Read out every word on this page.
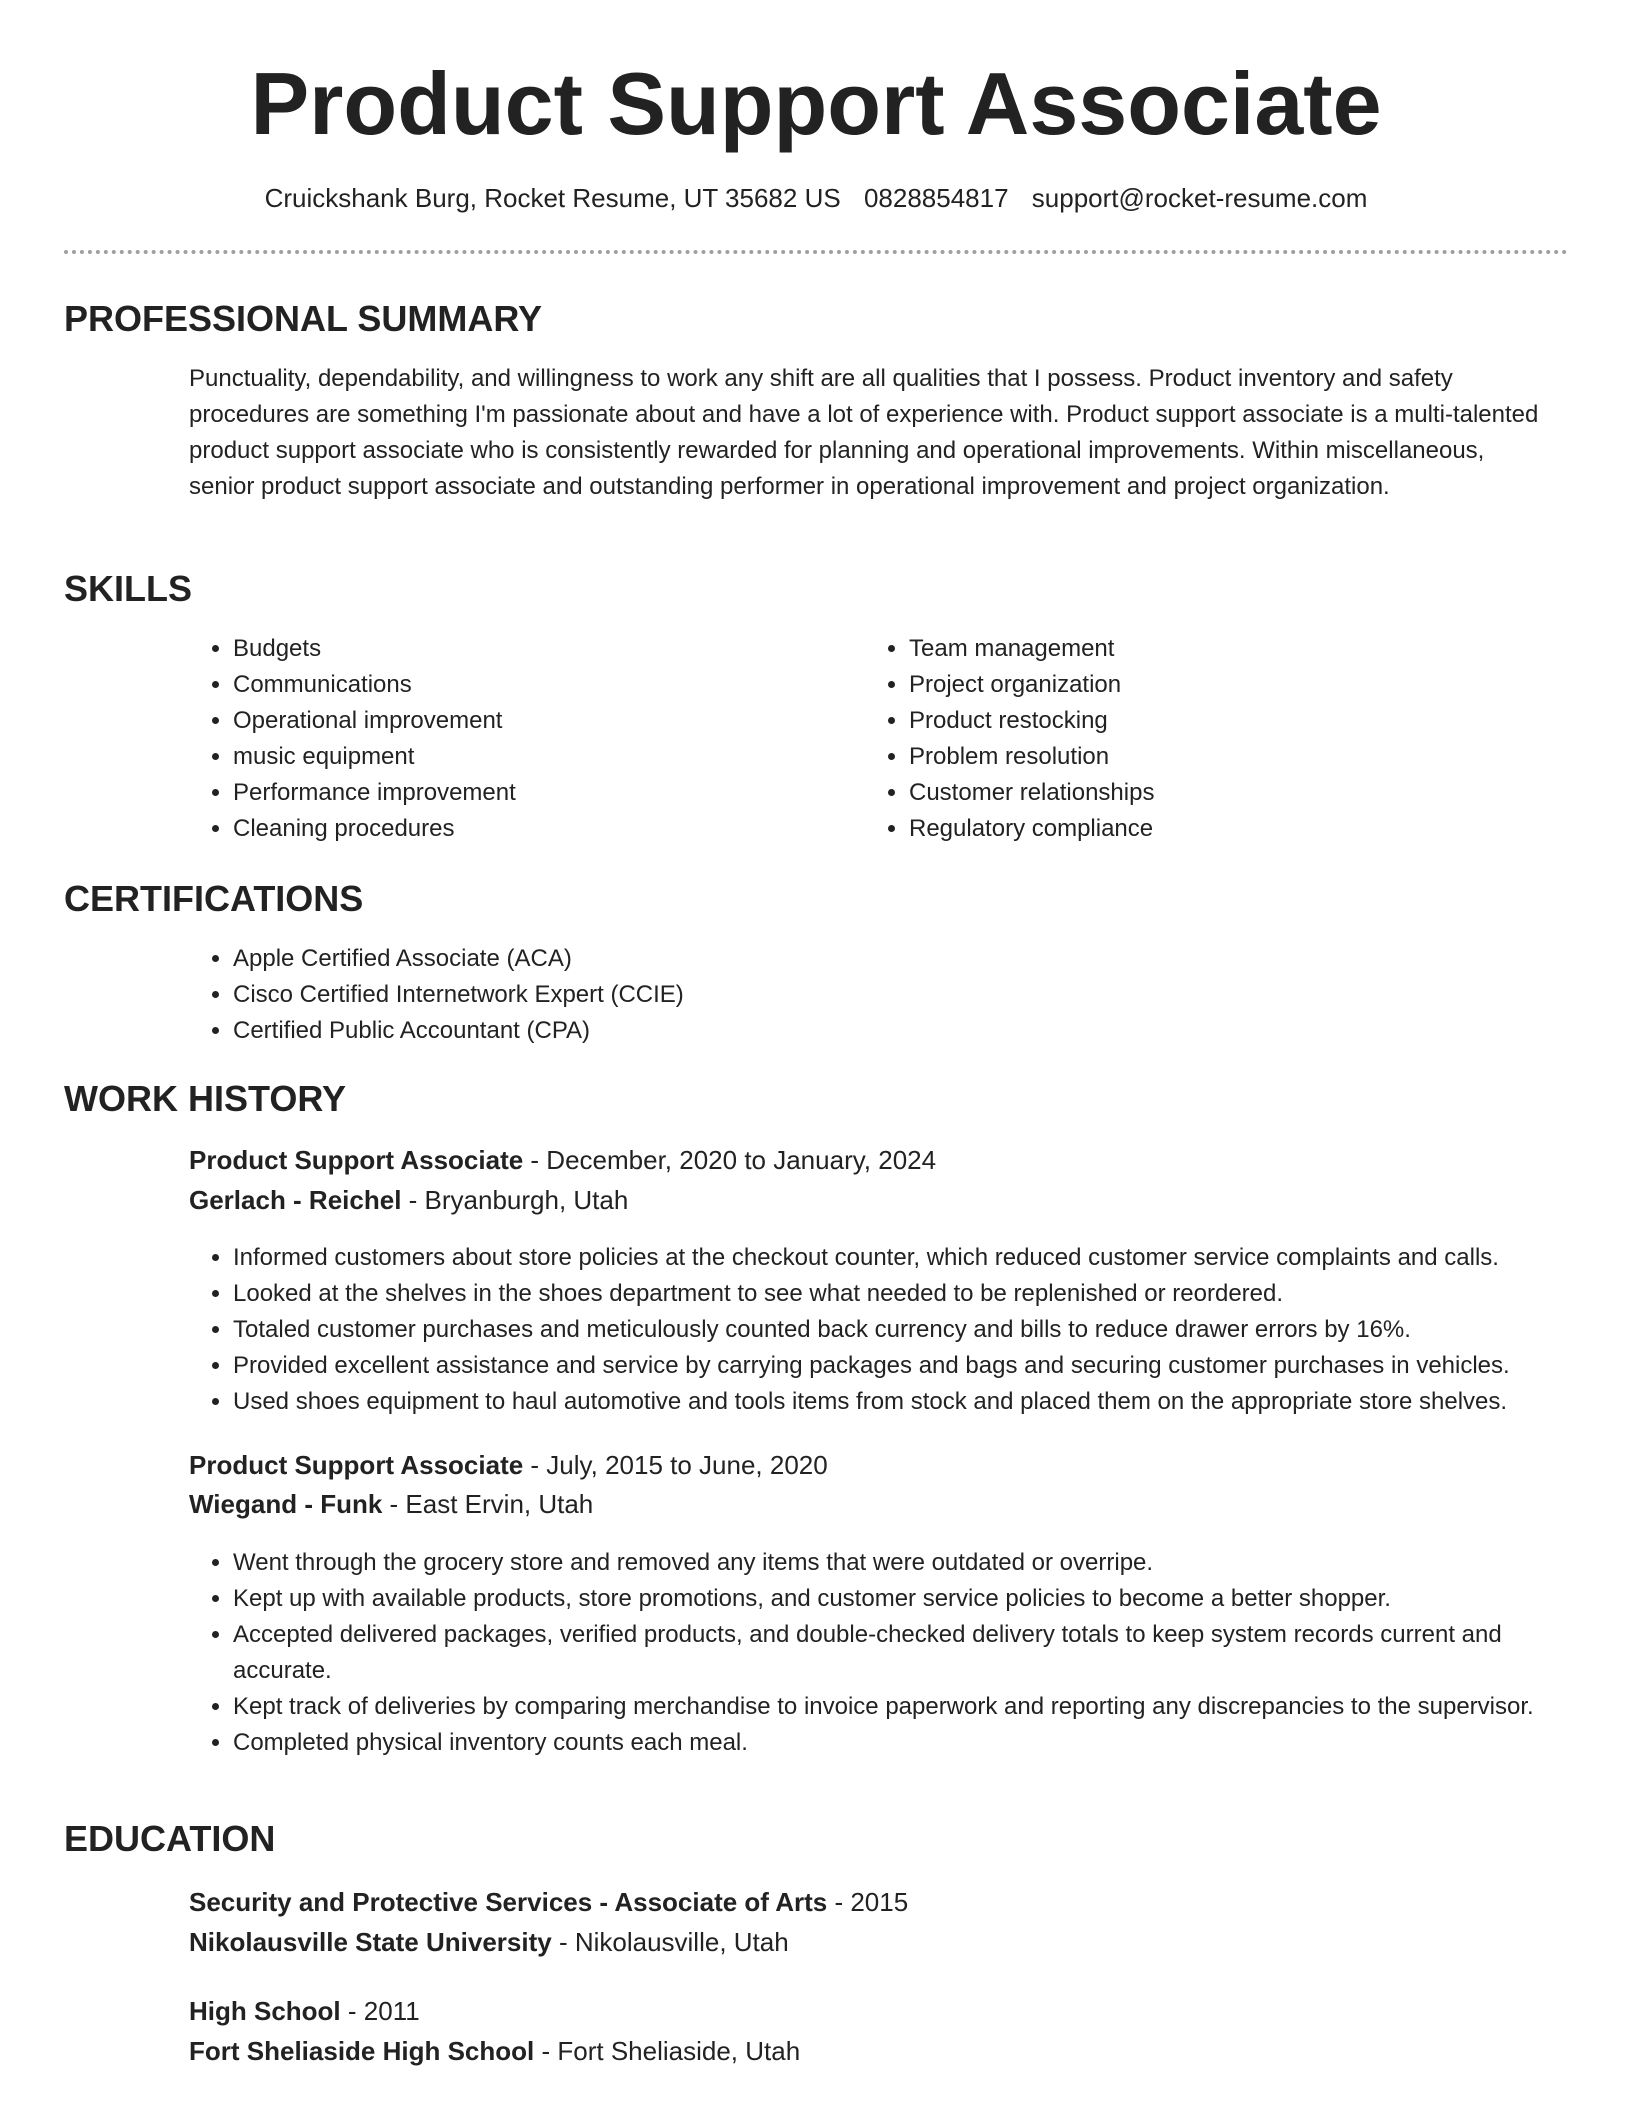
Product Support Associate
Cruickshank Burg, Rocket Resume, UT 35682 US 0828854817 support@rocket-resume.com
PROFESSIONAL SUMMARY

Punctuality, dependability, and willingness to work any shift are all qualities that I possess. Product inventory and safety procedures are something I'm passionate about and have a lot of experience with. Product support associate is a multi-talented product support associate who is consistently rewarded for planning and operational improvements. Within miscellaneous, senior product support associate and outstanding performer in operational improvement and project organization.

SKILLS
• Budgets
• Communications
• Operational improvement
• music equipment
• Performance improvement
• Cleaning procedures
• Team management
• Project organization
• Product restocking
• Problem resolution
• Customer relationships
• Regulatory compliance
CERTIFICATIONS
• Apple Certified Associate (ACA)
• Cisco Certified Internetwork Expert (CCIE)
• Certified Public Accountant (CPA)
WORK HISTORY
Product Support Associate - December, 2020 to January, 2024
Gerlach - Reichel - Bryanburgh, Utah
• Informed customers about store policies at the checkout counter, which reduced customer service complaints and calls.
• Looked at the shelves in the shoes department to see what needed to be replenished or reordered.
• Totaled customer purchases and meticulously counted back currency and bills to reduce drawer errors by 16%.
• Provided excellent assistance and service by carrying packages and bags and securing customer purchases in vehicles.
• Used shoes equipment to haul automotive and tools items from stock and placed them on the appropriate store shelves.
Product Support Associate - July, 2015 to June, 2020
Wiegand - Funk - East Ervin, Utah
• Went through the grocery store and removed any items that were outdated or overripe.
• Kept up with available products, store promotions, and customer service policies to become a better shopper.
• Accepted delivered packages, verified products, and double-checked delivery totals to keep system records current and accurate.
• Kept track of deliveries by comparing merchandise to invoice paperwork and reporting any discrepancies to the supervisor.
• Completed physical inventory counts each meal.
EDUCATION
Security and Protective Services - Associate of Arts - 2015
Nikolausville State University - Nikolausville, Utah
High School - 2011
Fort Sheliaside High School - Fort Sheliaside, Utah
